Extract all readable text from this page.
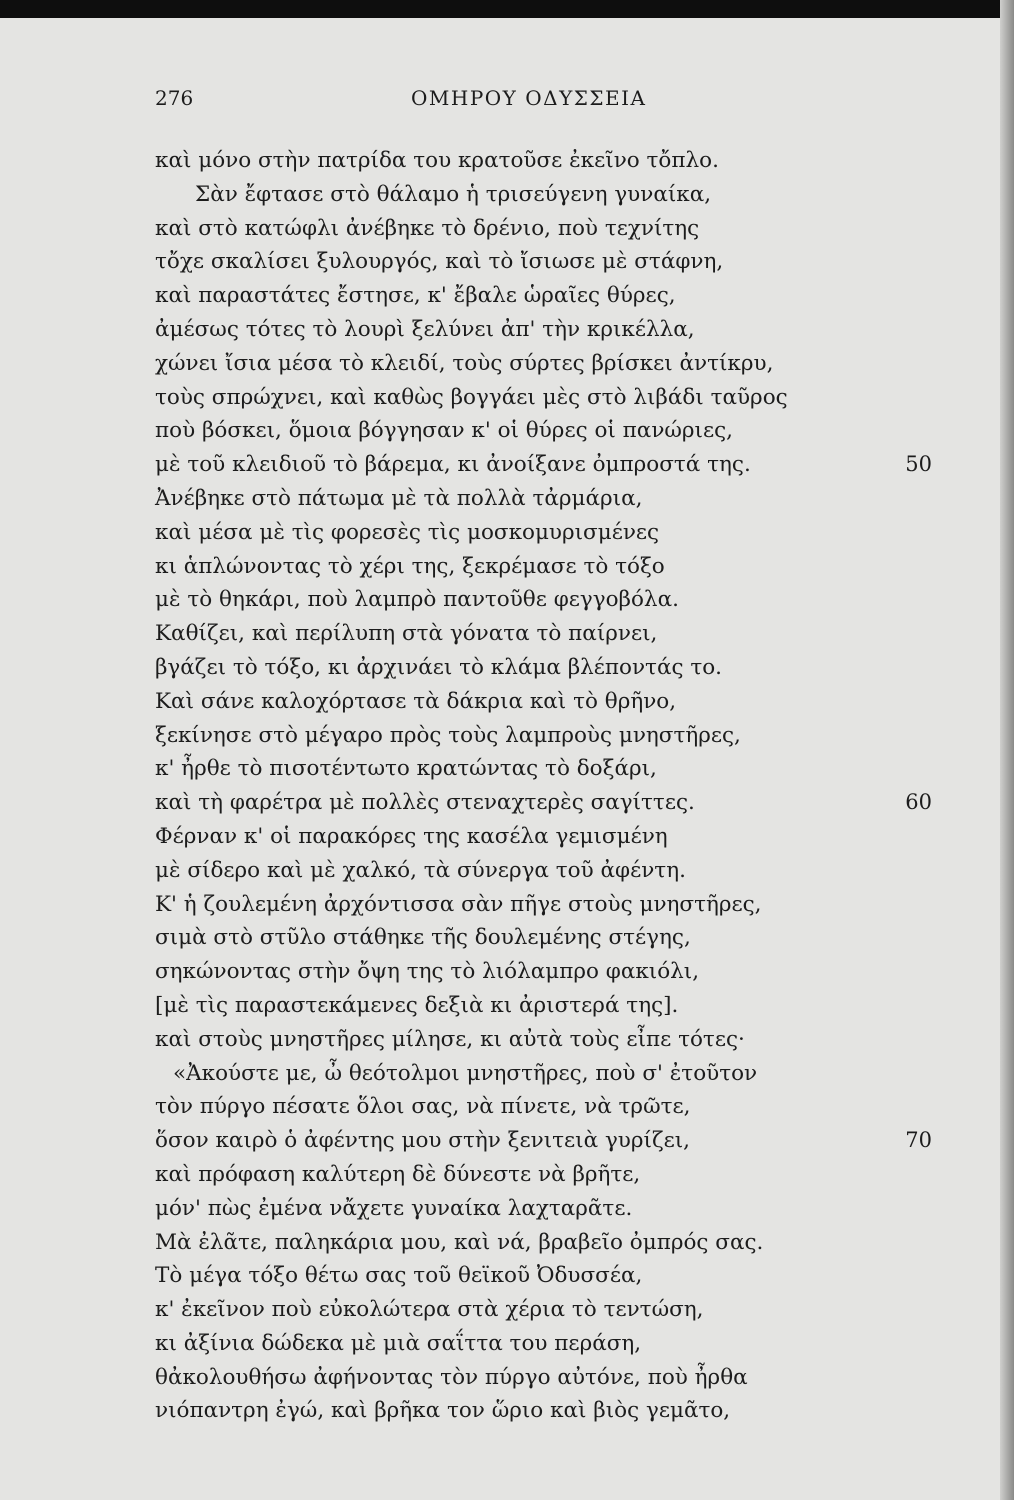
276	ΟΜΗΡΟΥ ΟΔΥΣΣΕΙΑ
καὶ μόνο στὴν πατρίδα του κρατοῦσε ἐκεῖνο τὄπλο.
Σὰν ἔφτασε στὸ θάλαμο ἡ τρισεύγενη γυναίκα,
καὶ στὸ κατώφλι ἀνέβηκε τὸ δρένιο, ποὺ τεχνίτης
τὄχε σκαλίσει ξυλουργός, καὶ τὸ ἴσιωσε μὲ στάφνη,
καὶ παραστάτες ἔστησε, κ' ἔβαλε ὡραῖες θύρες,
ἀμέσως τότες τὸ λουρὶ ξελύνει ἀπ' τὴν κρικέλλα,
χώνει ἴσια μέσα τὸ κλειδί, τοὺς σύρτες βρίσκει ἀντίκρυ,
τοὺς σπρώχνει, καὶ καθὼς βογγάει μὲς στὸ λιβάδι ταῦρος
ποὺ βόσκει, ὅμοια βόγγησαν κ' οἱ θύρες οἱ πανώριες,
μὲ τοῦ κλειδιοῦ τὸ βάρεμα, κι ἀνοίξανε ὀμπροστά της.	50
Ἀνέβηκε στὸ πάτωμα μὲ τὰ πολλὰ τἀρμάρια,
καὶ μέσα μὲ τὶς φορεσὲς τὶς μοσκομυρισμένες
κι ἁπλώνοντας τὸ χέρι της, ξεκρέμασε τὸ τόξο
μὲ τὸ θηκάρι, ποὺ λαμπρὸ παντοῦθε φεγγοβόλα.
Καθίζει, καὶ περίλυπη στὰ γόνατα τὸ παίρνει,
βγάζει τὸ τόξο, κι ἀρχινάει τὸ κλάμα βλέποντάς το.
Καὶ σάνε καλοχόρτασε τὰ δάκρια καὶ τὸ θρῆνο,
ξεκίνησε στὸ μέγαρο πρὸς τοὺς λαμπροὺς μνηστῆρες,
κ' ἦρθε τὸ πισοτέντωτο κρατώντας τὸ δοξάρι,
καὶ τὴ φαρέτρα μὲ πολλὲς στεναχτερὲς σαγίττες.	60
Φέρναν κ' οἱ παρακόρες της κασέλα γεμισμένη
μὲ σίδερο καὶ μὲ χαλκό, τὰ σύνεργα τοῦ ἀφέντη.
Κ' ἡ ζουλεμένη ἀρχόντισσα σὰν πῆγε στοὺς μνηστῆρες,
σιμὰ στὸ στῦλο στάθηκε τῆς δουλεμένης στέγης,
σηκώνοντας στὴν ὄψη της τὸ λιόλαμπρο φακιόλι,
[μὲ τὶς παραστεκάμενες δεξιὰ κι ἀριστερά της].
καὶ στοὺς μνηστῆρες μίλησε, κι αὐτὰ τοὺς εἶπε τότες·
«Ἀκούστε με, ὦ θεότολμοι μνηστῆρες, ποὺ σ' ἐτοῦτον
τὸν πύργο πέσατε ὅλοι σας, νὰ πίνετε, νὰ τρῶτε,
ὅσον καιρὸ ὁ ἀφέντης μου στὴν ξενιτειὰ γυρίζει,	70
καὶ πρόφαση καλύτερη δὲ δύνεστε νὰ βρῆτε,
μόν' πὼς ἐμένα νἄχετε γυναίκα λαχταρᾶτε.
Μὰ ἐλᾶτε, παληκάρια μου, καὶ νά, βραβεῖο ὀμπρός σας.
Τὸ μέγα τόξο θέτω σας τοῦ θεϊκοῦ Ὀδυσσέα,
κ' ἐκεῖνον ποὺ εὐκολώτερα στὰ χέρια τὸ τεντώση,
κι ἀξίνια δώδεκα μὲ μιὰ σαΐττα του περάση,
θἀκολουθήσω ἀφήνοντας τὸν πύργο αὐτόνε, ποὺ ἦρθα
νιόπαντρη ἐγώ, καὶ βρῆκα τον ὥριο καὶ βιὸς γεμᾶτο,
